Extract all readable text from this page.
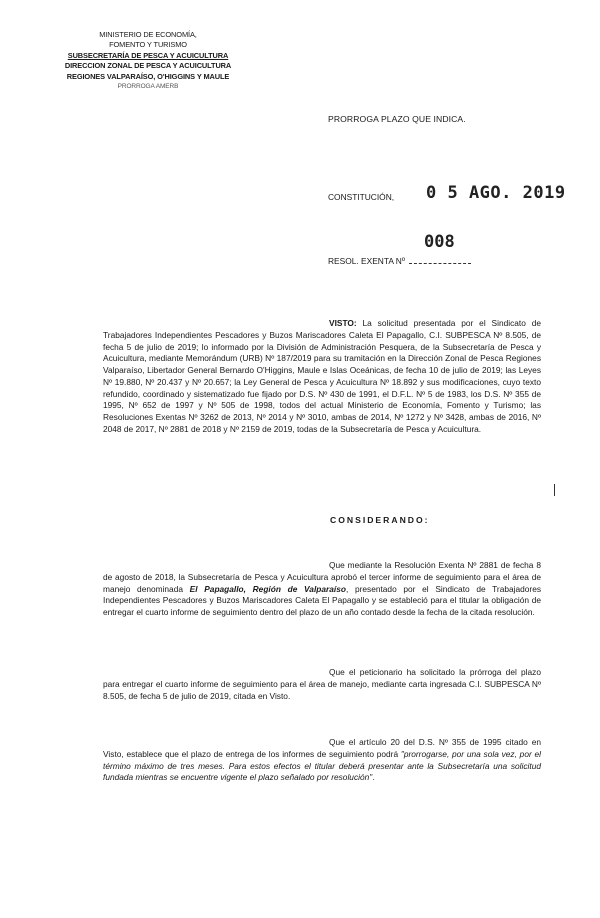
MINISTERIO DE ECONOMÍA,
FOMENTO Y TURISMO
SUBSECRETARÍA DE PESCA Y ACUICULTURA
DIRECCION ZONAL DE PESCA Y ACUICULTURA
REGIONES VALPARAÍSO, O'HIGGINS Y MAULE
PRORROGA AMERB
PRORROGA PLAZO QUE INDICA.
CONSTITUCIÓN, 0 5 AGO. 2019
008
RESOL. EXENTA Nº
VISTO: La solicitud presentada por el Sindicato de Trabajadores Independientes Pescadores y Buzos Mariscadores Caleta El Papagallo, C.I. SUBPESCA Nº 8.505, de fecha 5 de julio de 2019; lo informado por la División de Administración Pesquera, de la Subsecretaría de Pesca y Acuicultura, mediante Memorándum (URB) Nº 187/2019 para su tramitación en la Dirección Zonal de Pesca Regiones Valparaíso, Libertador General Bernardo O'Higgins, Maule e Islas Oceánicas, de fecha 10 de julio de 2019; las Leyes Nº 19.880, Nº 20.437 y Nº 20.657; la Ley General de Pesca y Acuicultura Nº 18.892 y sus modificaciones, cuyo texto refundido, coordinado y sistematizado fue fijado por D.S. Nº 430 de 1991, el D.F.L. Nº 5 de 1983, los D.S. Nº 355 de 1995, Nº 652 de 1997 y Nº 505 de 1998, todos del actual Ministerio de Economía, Fomento y Turismo; las Resoluciones Exentas Nº 3262 de 2013, Nº 2014 y Nº 3010, ambas de 2014, Nº 1272 y Nº 3428, ambas de 2016, Nº 2048 de 2017, Nº 2881 de 2018 y Nº 2159 de 2019, todas de la Subsecretaría de Pesca y Acuicultura.
CONSIDERANDO:
Que mediante la Resolución Exenta Nº 2881 de fecha 8 de agosto de 2018, la Subsecretaría de Pesca y Acuicultura aprobó el tercer informe de seguimiento para el área de manejo denominada El Papagallo, Región de Valparaíso, presentado por el Sindicato de Trabajadores Independientes Pescadores y Buzos Mariscadores Caleta El Papagallo y se estableció para el titular la obligación de entregar el cuarto informe de seguimiento dentro del plazo de un año contado desde la fecha de la citada resolución.
Que el peticionario ha solicitado la prórroga del plazo para entregar el cuarto informe de seguimiento para el área de manejo, mediante carta ingresada C.I. SUBPESCA Nº 8.505, de fecha 5 de julio de 2019, citada en Visto.
Que el artículo 20 del D.S. Nº 355 de 1995 citado en Visto, establece que el plazo de entrega de los informes de seguimiento podrá "prorrogarse, por una sola vez, por el término máximo de tres meses. Para estos efectos el titular deberá presentar ante la Subsecretaría una solicitud fundada mientras se encuentre vigente el plazo señalado por resolución".
